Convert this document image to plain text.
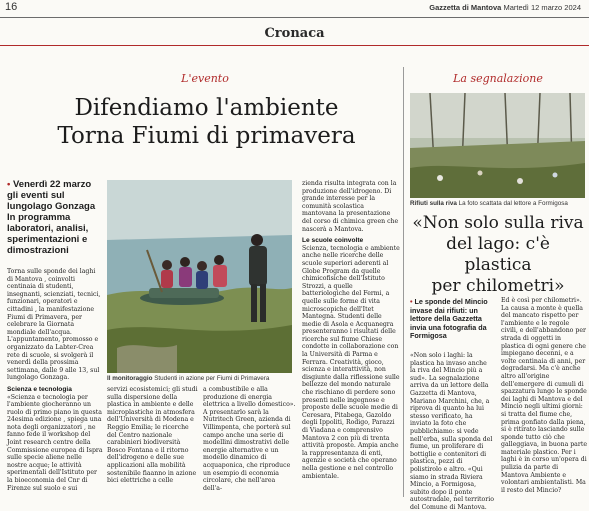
16	Gazzetta di Mantova Martedì 12 marzo 2024
Cronaca
L'evento
Difendiamo l'ambiente
Torna Fiumi di primavera
• Venerdì 22 marzo gli eventi sul lungolago Gonzaga In programma laboratori, analisi, sperimentazioni e dimostrazioni
Il monitoraggio Studenti in azione per Fiumi di Primavera

Torna sulle sponde dei laghi di Mantova , coinvolti centinaia di studenti, insegnanti, scienziati, tecnici, funzionari, operatori e cittadini , la manifestazione Fiumi di Primavera, per celebrare la Giornata mondiale dell'acqua. L'appuntamento, promosso e organizzato da Labter-Crea rete di scuole, si svolgerà il venerdì della prossima settimana, dalle 9 alle 13, sul lungolago Gonzaga.

Scienza e tecnologia

«Scienza e tecnologia per l'ambiente giocheranno un ruolo di primo piano in questa 24esima edizione , spiega una nota degli organizzatori , ne fanno fede il workshop del Joint research centre della Commissione europea di Ispra sulle specie aliene nelle nostre acque; le attività sperimentali dell'Istituto per la bioeconomia del Cnr di Firenze sul suolo e sui

servizi ecosistemici; gli studi sulla dispersione della plastica in ambiente e delle microplastiche in atmosfera dell'Università di Modena e Reggio Emilia; le ricerche del Centro nazionale carabinieri biodiversità Bosco Fontana e il ritorno dell'idrogeno e delle sue applicazioni alla mobilità sostenibile fiaanno in azione bici elettriche a celle

a combustibile e alla produzione di energia elettrica a livello domestico». A presentarlo sarà la Nutritech Green, azienda di Villimpenta, che porterà sul campo anche una serie di modellini dimostrativi delle energie alternative e un modello dinamico di acquaponica, che riproduce un esempio di economia circolare, che nell'area dell'a-

zienda risulta integrata con la produzione dell'idrogeno. Di grande interesse per la comunità scolastica mantovana la presentazione del corso di chimica green che nascerà a Mantova.

Le scuole coinvolte

Scienza, tecnologia e ambiente anche nelle ricerche delle scuole superiori aderenti al Globe Program da quelle chimicofisiche dell'Istituto Strozzi, a quelle batteriologiche del Fermi, a quelle sulle forme di vita microscopiche dell'Itet Mantegna. Studenti delle medie di Asola e Acquanegra presenteranno i risultati delle ricerche sul fiume Chiese condotte in collaborazione con la Università di Parma e Ferrara. Creatività, gioco, scienza e interattività, non disgiunte dalla riflessione sulle bellezze del mondo naturale che rischiano di perdere sono presenti nelle ingegnose e proposte delle scuole medie di Ceresara, Pitabega, Gazoldo degli Ippoliti, Rodigo, Parazzi di Viadana e comprensivo Mantova 2 con più di trenta attività proposte. Ampia anche la rappresentanza di enti, agenzie e società che operano nella gestione e nel controllo ambientale.

La segnalazione
Rifiuti sulla riva La foto scattata dal lettore a Formigosa
«Non solo sulla riva
del lago: c'è plastica
per chilometri»
• Le sponde del Mincio invase dai rifiuti: un lettore della Gazzetta invia una fotografia da Formigosa

«Non solo i laghi: la plastica ha invaso anche la riva del Mincio più a sud». La segnalazione arriva da un lettore della Gazzetta di Mantova, Mariano Marchini, che, a riprova di quanto ha lui stesso verificato, ha inviato la foto che pubblichiamo: si vede nell'erba, sulla sponda del fiume, un proliferare di bottiglie e contenitori di plastica, pezzi di polistirolo e altro. «Qui siamo in strada Riviera Mincio, a Formigosa, subito dopo il ponte autostradale, nel territorio del Comune di Mantova.

Ed è così per chilometri». La causa a monte è quella del mancato rispetto per l'ambiente e le regole civili, e dell'abbandono per strada di oggetti in plastica di ogni genere che impiegano decenni, e a volte centinaia di anni, per degradarsi. Ma c'è anche altro all'origine dell'emergere di cumuli di spazzatura lungo le sponde dei laghi di Mantova e del Mincio negli ultimi giorni: si tratta del fiume che, prima gonfiato dalla piena, si è ritirato lasciando sulle sponde tutto ciò che galleggiava, in buona parte materiale plastico. Per i laghi è in corso un'opera di pulizia da parte di Mantova Ambiente e volontari ambientalisti. Ma il resto del Mincio?
